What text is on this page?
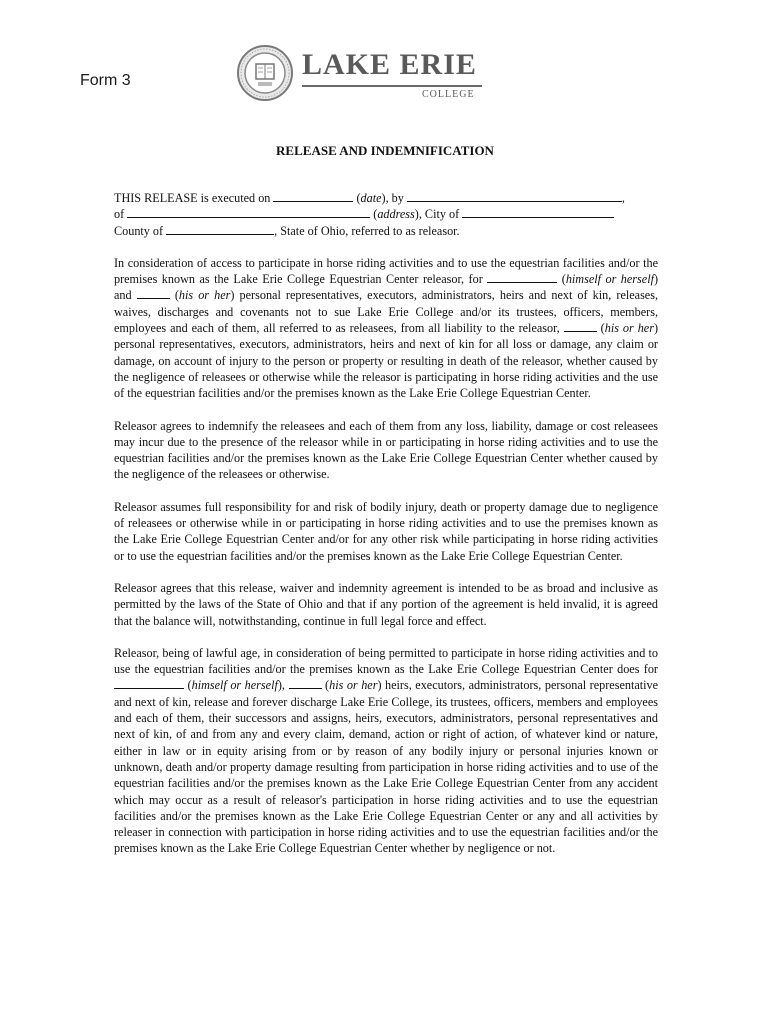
Form 3	LAKE ERIE
COLLEGE
RELEASE AND INDEMNIFICATION

THIS RELEASE is executed on	(date), by	,
of	(address), City of
County of	, State of Ohio, referred to as releasor.

In consideration of access to participate in horse riding activities and to use the equestrian facilities and/or the premises known as the Lake Erie College Equestrian Center releasor, for	(himself or herself) and	(his or her) personal representatives, executors, administrators, heirs and next of kin, releases, waives, discharges and covenants not to sue Lake Erie College and/or its trustees, officers, members, employees and each of them, all referred to as releasees, from all liability to the releasor,	(his or her) personal representatives, executors, administrators, heirs and next of kin for all loss or damage, any claim or damage, on account of injury to the person or property or resulting in death of the releasor, whether caused by the negligence of releasees or otherwise while the releasor is participating in horse riding activities and the use of the equestrian facilities and/or the premises known as the Lake Erie College Equestrian Center.

Releasor agrees to indemnify the releasees and each of them from any loss, liability, damage or cost releasees may incur due to the presence of the releasor while in or participating in horse riding activities and to use the equestrian facilities and/or the premises known as the Lake Erie College Equestrian Center whether caused by the negligence of the releasees or otherwise.

Releasor assumes full responsibility for and risk of bodily injury, death or property damage due to negligence of releasees or otherwise while in or participating in horse riding activities and to use the premises known as the Lake Erie College Equestrian Center and/or for any other risk while participating in horse riding activities or to use the equestrian facilities and/or the premises known as the Lake Erie College Equestrian Center.

Releasor agrees that this release, waiver and indemnity agreement is intended to be as broad and inclusive as permitted by the laws of the State of Ohio and that if any portion of the agreement is held invalid, it is agreed that the balance will, notwithstanding, continue in full legal force and effect.

Releasor, being of lawful age, in consideration of being permitted to participate in horse riding activities and to use the equestrian facilities and/or the premises known as the Lake Erie College Equestrian Center does for  (himself or herself),	(his or her) heirs, executors, administrators, personal representative and next of kin, release and forever discharge Lake Erie College, its trustees, officers, members and employees and each of them, their successors and assigns, heirs, executors, administrators, personal representatives and next of kin, of and from any and every claim, demand, action or right of action, of whatever kind or nature, either in law or in equity arising from or by reason of any bodily injury or personal injuries known or unknown, death and/or property damage resulting from participation in horse riding activities and to use of the equestrian facilities and/or the premises known as the Lake Erie College Equestrian Center from any accident which may occur as a result of releasor's participation in horse riding activities and to use the equestrian facilities and/or the premises known as the Lake Erie College Equestrian Center or any and all activities by releaser in connection with participation in horse riding activities and to use the equestrian facilities and/or the premises known as the Lake Erie College Equestrian Center whether by negligence or not.
